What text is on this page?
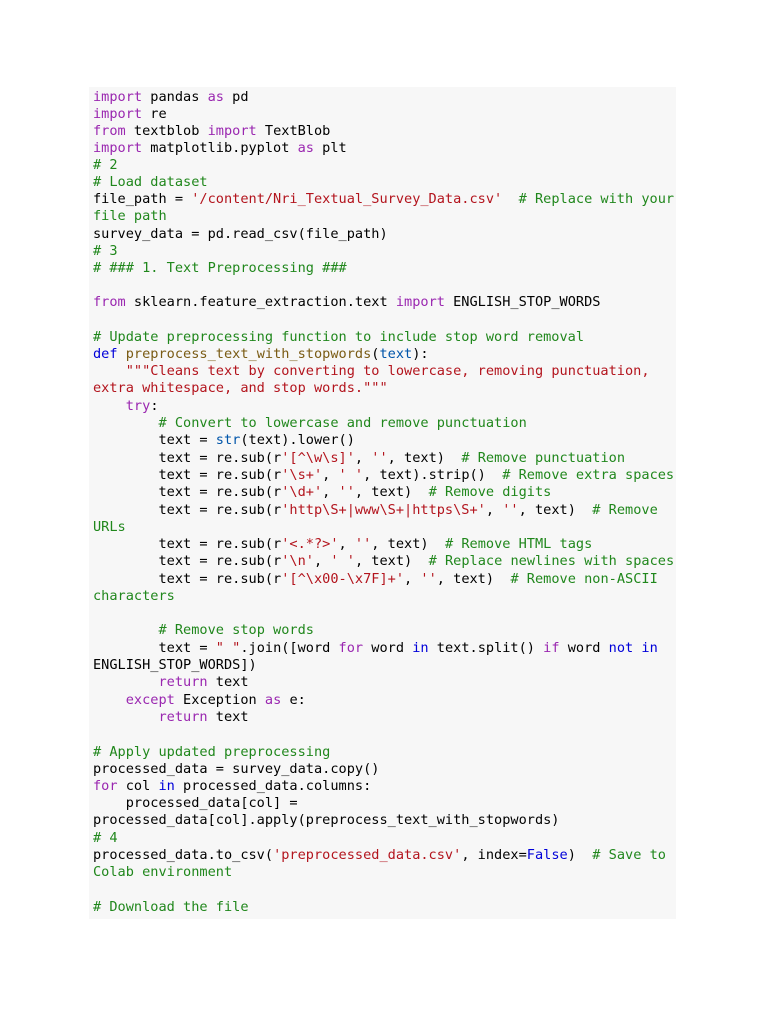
import pandas as pd
import re
from textblob import TextBlob
import matplotlib.pyplot as plt
# 2
# Load dataset
file_path = '/content/Nri_Textual_Survey_Data.csv' # Replace with your
file path
survey_data = pd.read_csv(file_path)
# 3
# ### 1. Text Preprocessing ###
from sklearn.feature_extraction.text import ENGLISH_STOP_WORDS
# Update preprocessing function to include stop word removal
def preprocess_text_with_stopwords(text):
"""Cleans text by converting to lowercase, removing punctuation,
extra whitespace, and stop words."""
try:
# Convert to lowercase and remove punctuation
text = str(text).lower()
text = re.sub(r'[^\w\s]', '', text)  # Remove punctuation
text = re.sub(r'\s+', ' ', text).strip()  # Remove extra spaces
text = re.sub(r'\d+', '', text)  # Remove digits
text = re.sub(r'http\S+|www\S+|https\S+', '', text)  # Remove
URLs
text = re.sub(r'<.*?>', '', text)  # Remove HTML tags
text = re.sub(r'\n', ' ', text)  # Replace newlines with spaces
text = re.sub(r'[^\x00-\x7F]+', '', text)  # Remove non-ASCII
characters
# Remove stop words
text = " ".join([word for word in text.split() if word not in
ENGLISH_STOP_WORDS])
return text
except Exception as e:
return text
# Apply updated preprocessing
processed_data = survey_data.copy()
for col in processed_data.columns:
processed_data[col] =
processed_data[col].apply(preprocess_text_with_stopwords)
# 4
processed_data.to_csv('preprocessed_data.csv', index=False)  # Save to
Colab environment
# Download the file
